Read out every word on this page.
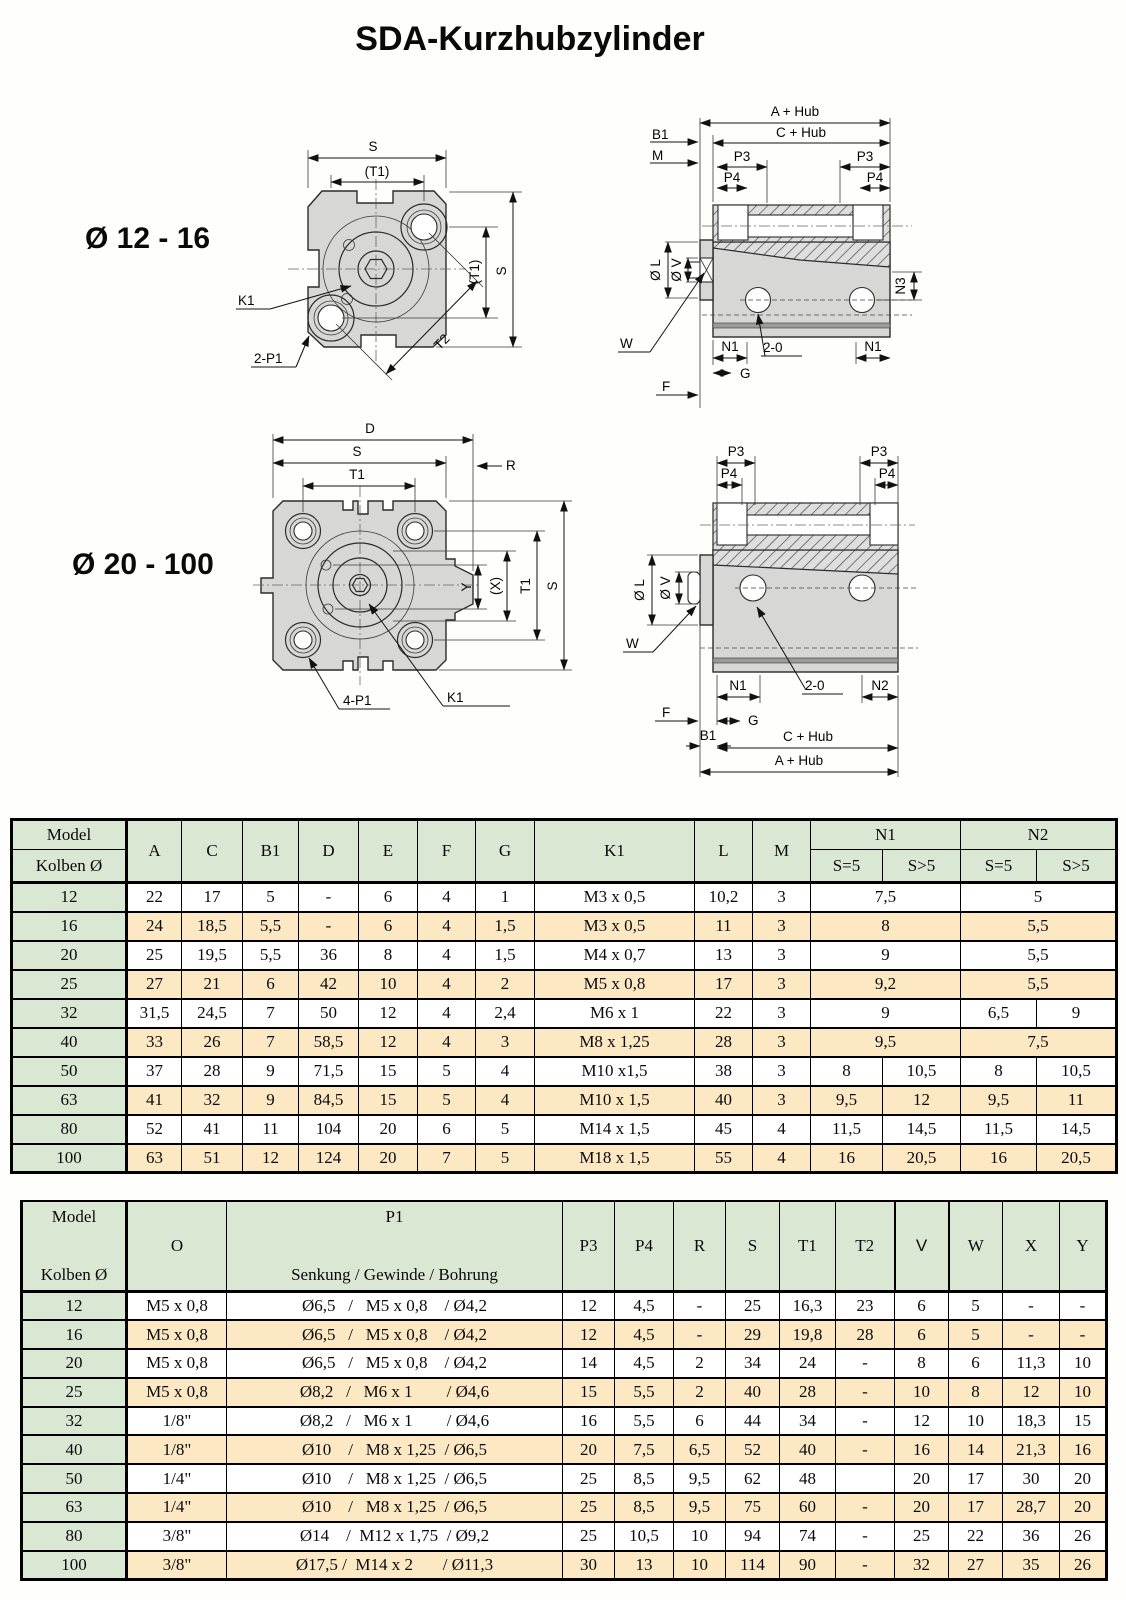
SDA-Kurzhubzylinder
Ø 12 - 16
Ø 20 - 100
S
(T1)
(T1) S
T2
K1
2-P1
A + Hub
C + Hub
B1
M	P3	P3
P4	P4
Ø L Ø V
N3
W	N1 2-0	N1
G
F
D
S
R
T1
Y (X) T1 S
4-P1	K1
P3	P3
P4	P4
Ø L Ø V
W
F
B1
N1
G
2-0	N2
C + Hub
A + Hub
Model	A	C	B1	D	E	F	G	K1	L	M	N1		N2	
Kolben Ø											S=5	S>5	S=5	S>5
12	22	17	5	-	6	4	1	M3 x 0,5	10,2	3	7,5		5	
16	24	18,5	5,5	-	6	4	1,5	M3 x 0,5	11	3	8		5,5	
20	25	19,5	5,5	36	8	4	1,5	M4 x 0,7	13	3	9		5,5	
25	27	21	6	42	10	4	2	M5 x 0,8	17	3	9,2		5,5	
32	31,5	24,5	7	50	12	4	2,4	M6 x 1	22	3	9		6,5	9
40	33	26	7	58,5	12	4	3	M8 x 1,25	28	3	9,5		7,5	
50	37	28	9	71,5	15	5	4	M10 x1,5	38	3	8	10,5	8	10,5
63	41	32	9	84,5	15	5	4	M10 x 1,5	40	3	9,5	12	9,5	11
80	52	41	11	104	20	6	5	M14 x 1,5	45	4	11,5	14,5	11,5	14,5
100	63	51	12	124	20	7	5	M18 x 1,5	55	4	16	20,5	16	20,5
Model
Kolben Ø	O	P1
Senkung / Gewinde / Bohrung	P3	P4	R	S	T1	T2	V	W	X	Y
12	M5 x 0,8	Ø6,5   /   M5 x 0,8    / Ø4,2	12	4,5	-	25	16,3	23	6	5	-	-
16	M5 x 0,8	Ø6,5   /   M5 x 0,8    / Ø4,2	12	4,5	-	29	19,8	28	6	5	-	-
20	M5 x 0,8	Ø6,5   /   M5 x 0,8    / Ø4,2	14	4,5	2	34	24	-	8	6	11,3	10
25	M5 x 0,8	Ø8,2   /   M6 x 1        / Ø4,6	15	5,5	2	40	28	-	10	8	12	10
32	1/8"	Ø8,2   /   M6 x 1        / Ø4,6	16	5,5	6	44	34	-	12	10	18,3	15
40	1/8"	Ø10    /   M8 x 1,25  / Ø6,5	20	7,5	6,5	52	40	-	16	14	21,3	16
50	1/4"	Ø10    /   M8 x 1,25  / Ø6,5	25	8,5	9,5	62	48		20	17	30	20
63	1/4"	Ø10    /   M8 x 1,25  / Ø6,5	25	8,5	9,5	75	60	-	20	17	28,7	20
80	3/8"	Ø14    /  M12 x 1,75  / Ø9,2	25	10,5	10	94	74	-	25	22	36	26
100	3/8"	Ø17,5 /  M14 x 2       / Ø11,3	30	13	10	114	90	-	32	27	35	26
